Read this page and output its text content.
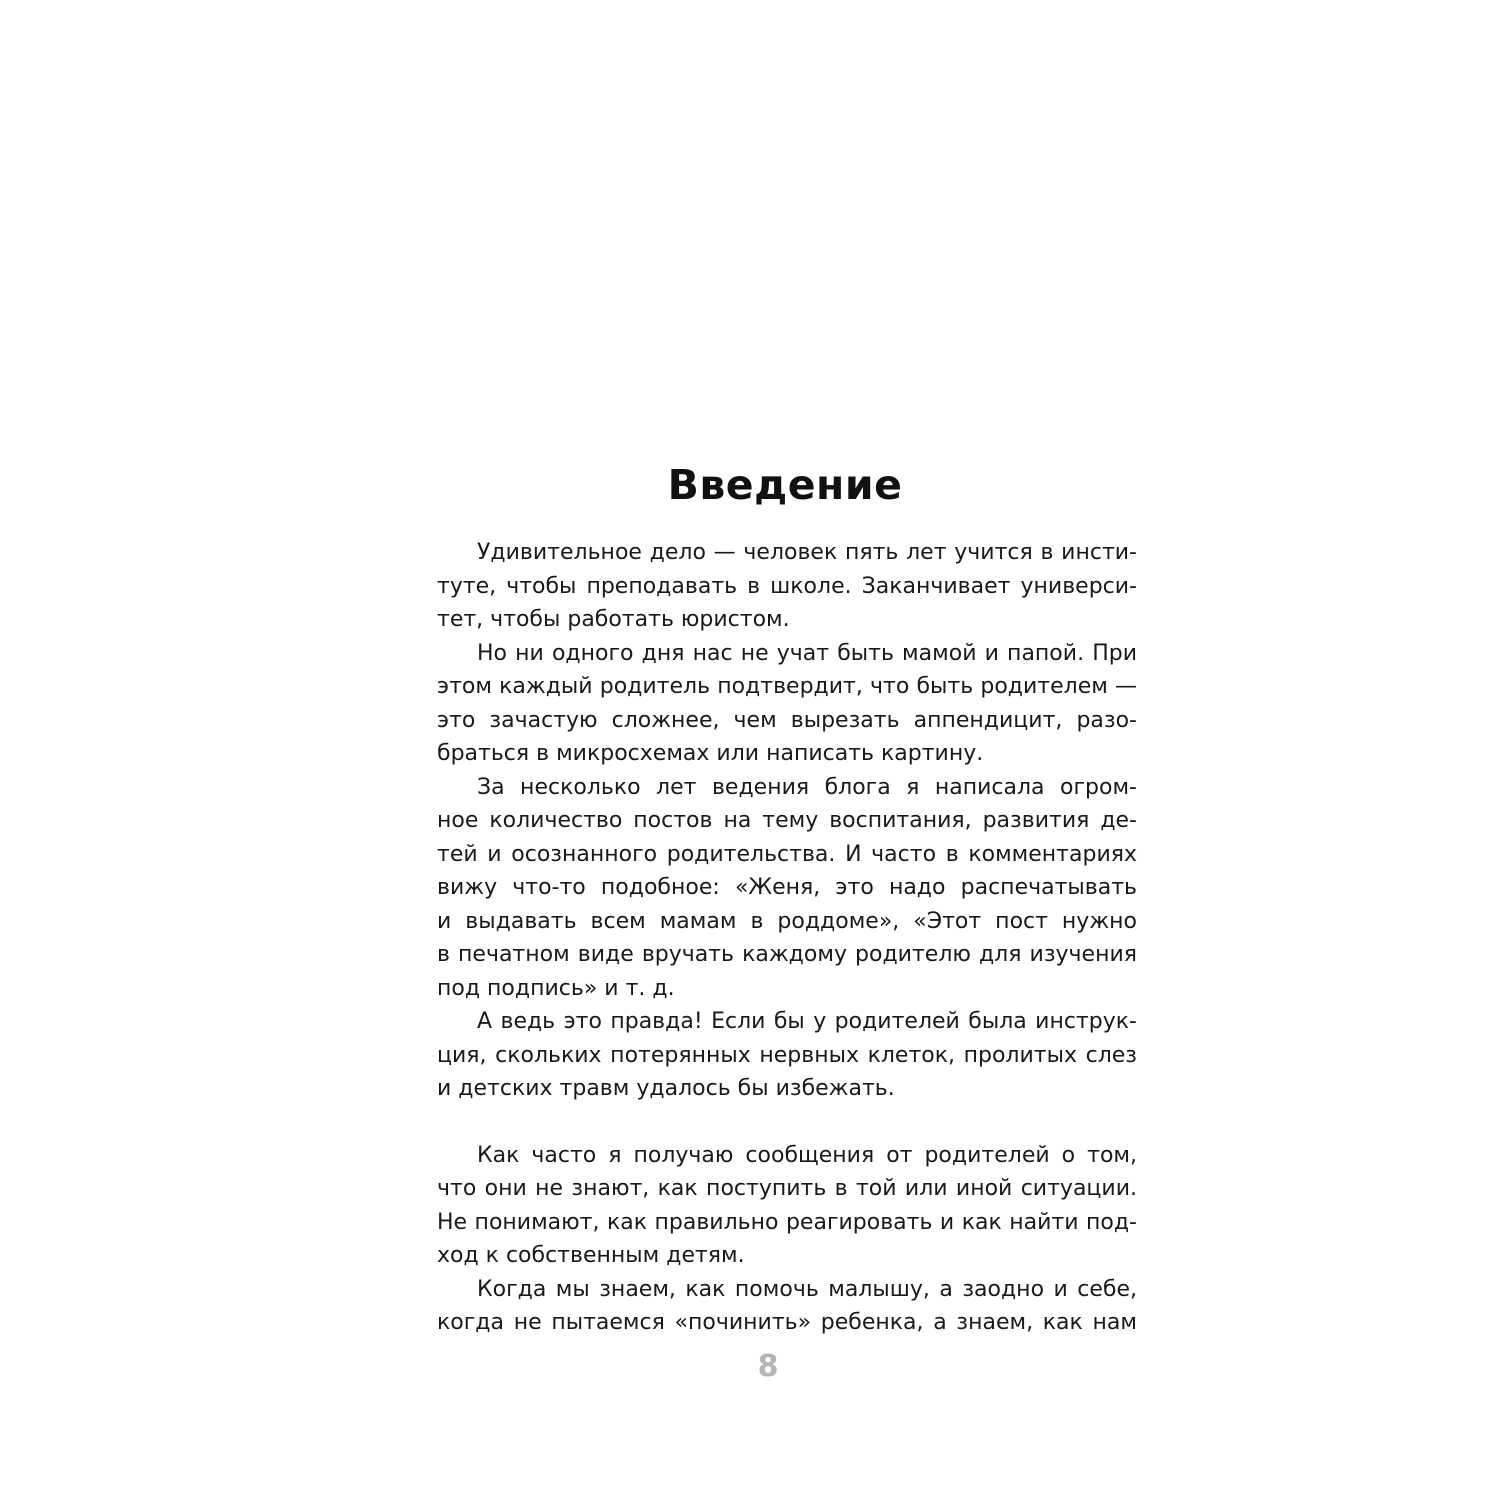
Введение

Удивительное дело — человек пять лет учится в инсти-
туте, чтобы преподавать в школе. Заканчивает универси-
тет, чтобы работать юристом.

Но ни одного дня нас не учат быть мамой и папой. При
этом каждый родитель подтвердит, что быть родителем —
это зачастую сложнее, чем вырезать аппендицит, разо-
браться в микросхемах или написать картину.

За несколько лет ведения блога я написала огром-
ное количество постов на тему воспитания, развития де-
тей и осознанного родительства. И часто в комментариях
вижу что-то подобное: «Женя, это надо распечатывать
и выдавать всем мамам в роддоме», «Этот пост нужно
в печатном виде вручать каждому родителю для изучения
под подпись» и т. д.

А ведь это правда! Если бы у родителей была инструк-
ция, скольких потерянных нервных клеток, пролитых слез
и детских травм удалось бы избежать.

Как часто я получаю сообщения от родителей о том,
что они не знают, как поступить в той или иной ситуации.
Не понимают, как правильно реагировать и как найти под-
ход к собственным детям.

Когда мы знаем, как помочь малышу, а заодно и себе,
когда не пытаемся «починить» ребенка, а знаем, как нам

8
